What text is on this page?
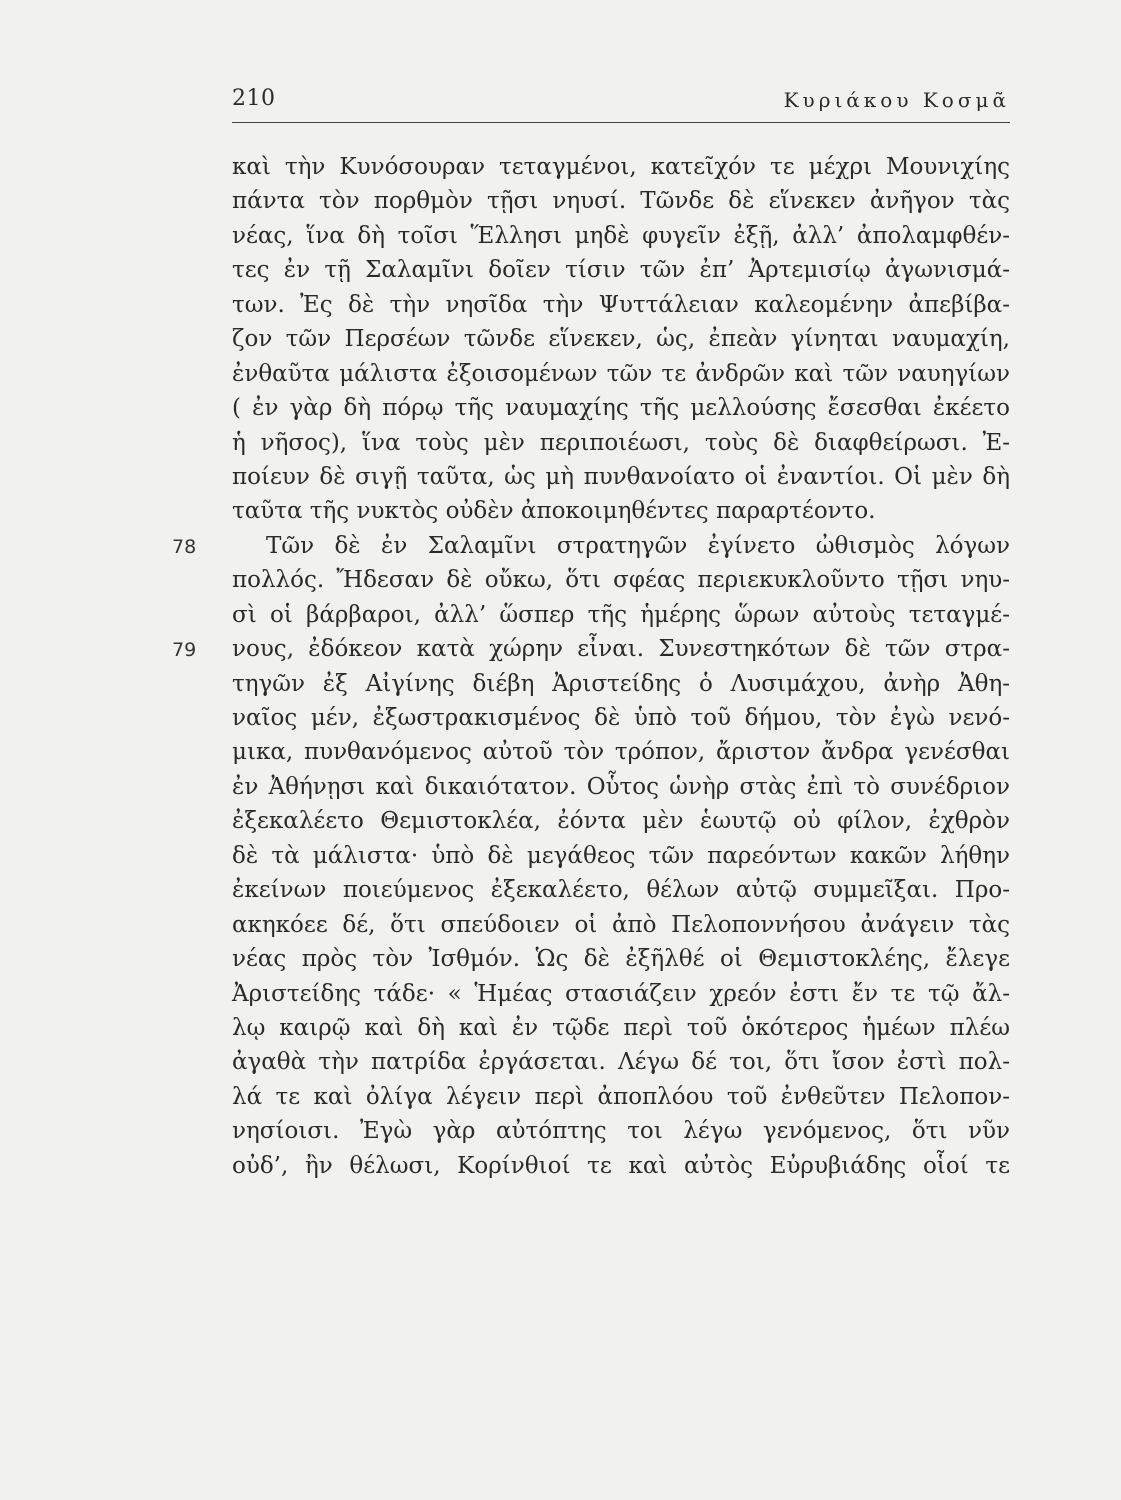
210	Κυριάκου Κοσμᾶ
καὶ τὴν Κυνόσουραν τεταγμένοι, κατεῖχόν τε μέχρι Μουνιχίης
πάντα τὸν πορθμὸν τῇσι νηυσί. Τῶνδε δὲ εἵνεκεν ἀνῆγον τὰς
νέας, ἵνα δὴ τοῖσι Ἕλλησι μηδὲ φυγεῖν ἐξῇ, ἀλλ’ ἀπολαμφθέν-
τες ἐν τῇ Σαλαμῖνι δοῖεν τίσιν τῶν ἐπ’ Ἀρτεμισίῳ ἀγωνισμά-
των. Ἐς δὲ τὴν νησῖδα τὴν Ψυττάλειαν καλεομένην ἀπεβίβα-
ζον τῶν Περσέων τῶνδε εἵνεκεν, ὡς, ἐπεὰν γίνηται ναυμαχίη,
ἐνθαῦτα μάλιστα ἐξοισομένων τῶν τε ἀνδρῶν καὶ τῶν ναυηγίων
( ἐν γὰρ δὴ πόρῳ τῆς ναυμαχίης τῆς μελλούσης ἔσεσθαι ἐκέετο
ἡ νῆσος), ἵνα τοὺς μὲν περιποιέωσι, τοὺς δὲ διαφθείρωσι. Ἐ-
ποίευν δὲ σιγῇ ταῦτα, ὡς μὴ πυνθανοίατο οἱ ἐναντίοι. Οἱ μὲν δὴ
ταῦτα τῆς νυκτὸς οὐδὲν ἀποκοιμηθέντες παραρτέοντο.
Τῶν δὲ ἐν Σαλαμῖνι στρατηγῶν ἐγίνετο ὠθισμὸς λόγων
πολλός. Ἤδεσαν δὲ οὔκω, ὅτι σφέας περιεκυκλοῦντο τῇσι νηυ-
σὶ οἱ βάρβαροι, ἀλλ’ ὥσπερ τῆς ἡμέρης ὥρων αὐτοὺς τεταγμέ-
νους, ἐδόκεον κατὰ χώρην εἶναι. Συνεστηκότων δὲ τῶν στρα-
τηγῶν ἐξ Αἰγίνης διέβη Ἀριστείδης ὁ Λυσιμάχου, ἀνὴρ Ἀθη-
ναῖος μέν, ἐξωστρακισμένος δὲ ὑπὸ τοῦ δήμου, τὸν ἐγὼ νενό-
μικα, πυνθανόμενος αὐτοῦ τὸν τρόπον, ἄριστον ἄνδρα γενέσθαι
ἐν Ἀθήνῃσι καὶ δικαιότατον. Οὗτος ὡνὴρ στὰς ἐπὶ τὸ συνέδριον
ἐξεκαλέετο Θεμιστοκλέα, ἐόντα μὲν ἑωυτῷ οὐ φίλον, ἐχθρὸν
δὲ τὰ μάλιστα· ὑπὸ δὲ μεγάθεος τῶν παρεόντων κακῶν λήθην
ἐκείνων ποιεύμενος ἐξεκαλέετο, θέλων αὐτῷ συμμεῖξαι. Προ-
ακηκόεε δέ, ὅτι σπεύδοιεν οἱ ἀπὸ Πελοποννήσου ἀνάγειν τὰς
νέας πρὸς τὸν Ἰσθμόν. Ὡς δὲ ἐξῆλθέ οἱ Θεμιστοκλέης, ἔλεγε
Ἀριστείδης τάδε· « Ἡμέας στασιάζειν χρεόν ἐστι ἔν τε τῷ ἄλ-
λῳ καιρῷ καὶ δὴ καὶ ἐν τῷδε περὶ τοῦ ὁκότερος ἡμέων πλέω
ἀγαθὰ τὴν πατρίδα ἐργάσεται. Λέγω δέ τοι, ὅτι ἴσον ἐστὶ πολ-
λά τε καὶ ὀλίγα λέγειν περὶ ἀποπλόου τοῦ ἐνθεῦτεν Πελοπον-
νησίοισι. Ἐγὼ γὰρ αὐτόπτης τοι λέγω γενόμενος, ὅτι νῦν
οὐδ’, ἢν θέλωσι, Κορίνθιοί τε καὶ αὐτὸς Εὐρυβιάδης οἷοί τε
78
79
